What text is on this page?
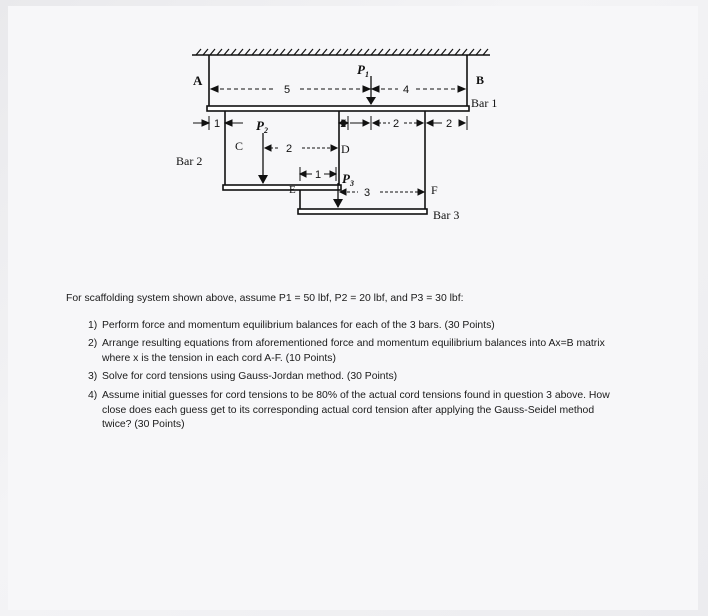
A	B
C	D
E	F
$P_1$
$P_2$
$P_3$
Bar 1
Bar 2
Bar 3
5	4
1	1	2	2
2
1
3

For scaffolding system shown above, assume P1 = 50 lbf, P2 = 20 lbf, and P3 = 30 lbf:

1) Perform force and momentum equilibrium balances for each of the 3 bars. (30 Points)
2) Arrange resulting equations from aforementioned force and momentum equilibrium balances into Ax=B matrix where x is the tension in each cord A-F. (10 Points)
3) Solve for cord tensions using Gauss-Jordan method. (30 Points)
4) Assume initial guesses for cord tensions to be 80% of the actual cord tensions found in question 3 above. How close does each guess get to its corresponding actual cord tension after applying the Gauss-Seidel method twice? (30 Points)
